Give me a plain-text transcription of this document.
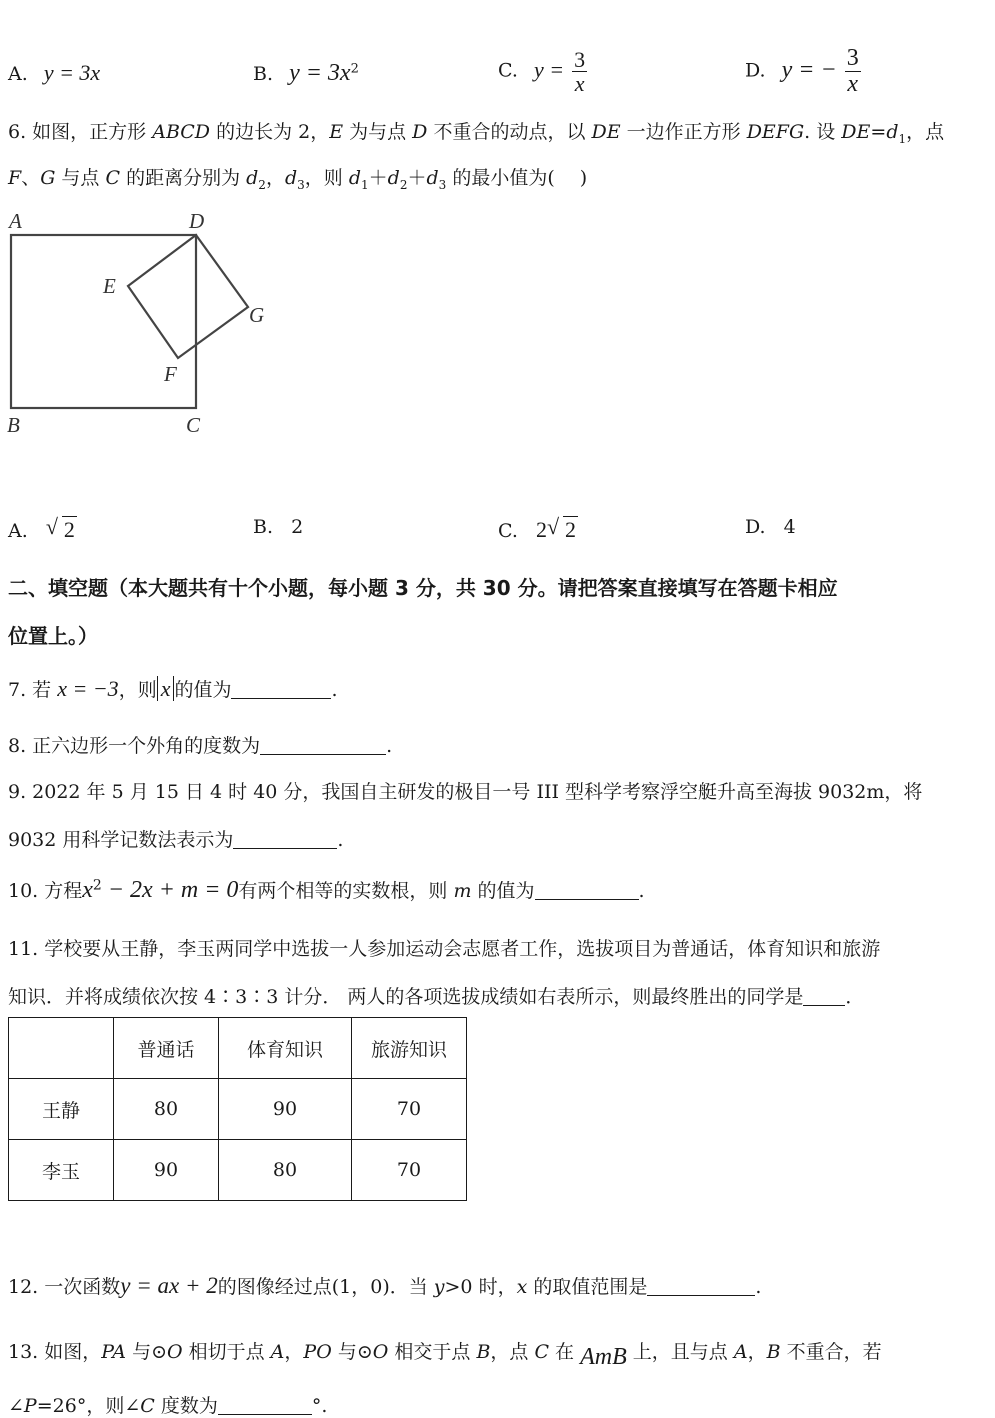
A. y = 3x	B. $y = 3x^2$	C. $y = \frac{3}{x}$	D. y = − $\frac{3}{x}$
6. 如图，正方形 ABCD 的边长为 2，E 为与点 D 不重合的动点，以 DE 一边作正方形 DEFG. 设 $DE=d_1$，点
F、G 与点 C 的距离分别为 $d_2$，$d_3$，则 $d_1+d_2+d_3$ 的最小值为(　 )
A	D
E
G
F
B	C
A. √ 2	B. 2	C. 2 √ 2	D. 4
二、填空题（本大题共有十个小题，每小题 3 分，共 30 分。请把答案直接填写在答题卡相应
位置上。）
7. 若 x = −3，则 x 的值为	.
8. 正六边形一个外角的度数为	.
9. 2022 年 5 月 15 日 4 时 40 分，我国自主研发的极目一号 III 型科学考察浮空艇升高至海拔 9032m，将
9032 用科学记数法表示为	.
10. 方程$x^2 - 2x + m = 0$有两个相等的实数根，则 m 的值为	.
11. 学校要从王静，李玉两同学中选拔一人参加运动会志愿者工作，选拔项目为普通话，体育知识和旅游
知识．并将成绩依次按 4∶3∶3 计分． 两人的各项选拔成绩如右表所示，则最终胜出的同学是 ．
	普通话	体育知识	旅游知识
王静	80	90	70
李玉	90	80	70
12. 一次函数y = ax + 2的图像经过点(1，0)．当 y>0 时，x 的取值范围是	.
13. 如图，PA 与⊙O 相切于点 A，PO 与⊙O 相交于点 B，点 C 在 AmB 上，且与点 A，B 不重合，若
∠P=26°，则∠C 度数为	°.
